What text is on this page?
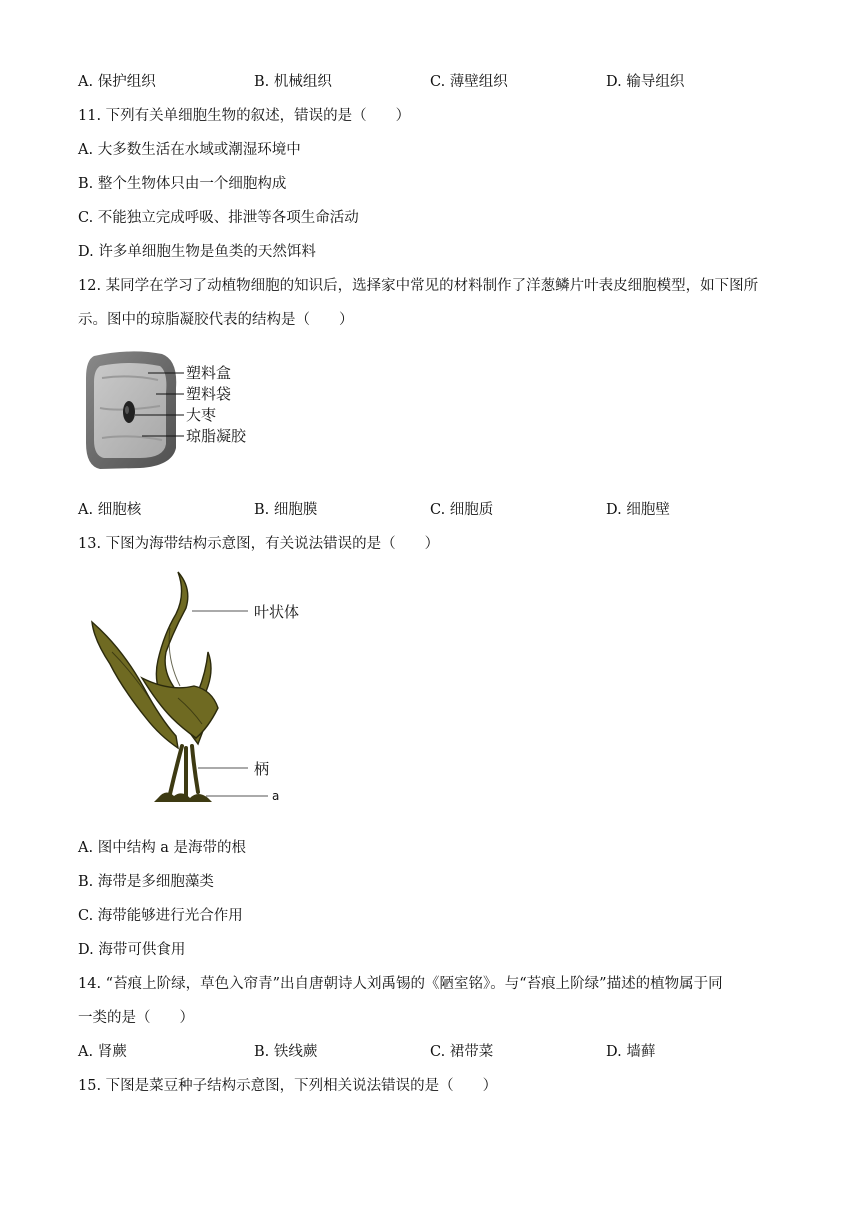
A. 保护组织	B. 机械组织	C. 薄壁组织	D. 输导组织
11. 下列有关单细胞生物的叙述，错误的是（　　）
A. 大多数生活在水域或潮湿环境中
B. 整个生物体只由一个细胞构成
C. 不能独立完成呼吸、排泄等各项生命活动
D. 许多单细胞生物是鱼类的天然饵料
12. 某同学在学习了动植物细胞的知识后，选择家中常见的材料制作了洋葱鳞片叶表皮细胞模型，如下图所
示。图中的琼脂凝胶代表的结构是（　　）
塑料盒
塑料袋
大枣
琼脂凝胶
A. 细胞核	B. 细胞膜	C. 细胞质	D. 细胞壁
13. 下图为海带结构示意图，有关说法错误的是（　　）
叶状体
柄
a
A. 图中结构 a 是海带的根
B. 海带是多细胞藻类
C. 海带能够进行光合作用
D. 海带可供食用
14. “苔痕上阶绿，草色入帘青”出自唐朝诗人刘禹锡的《陋室铭》。与“苔痕上阶绿”描述的植物属于同
一类的是（　　）
A. 肾蕨	B. 铁线蕨	C. 裙带菜	D. 墙藓
15. 下图是菜豆种子结构示意图，下列相关说法错误的是（　　）
